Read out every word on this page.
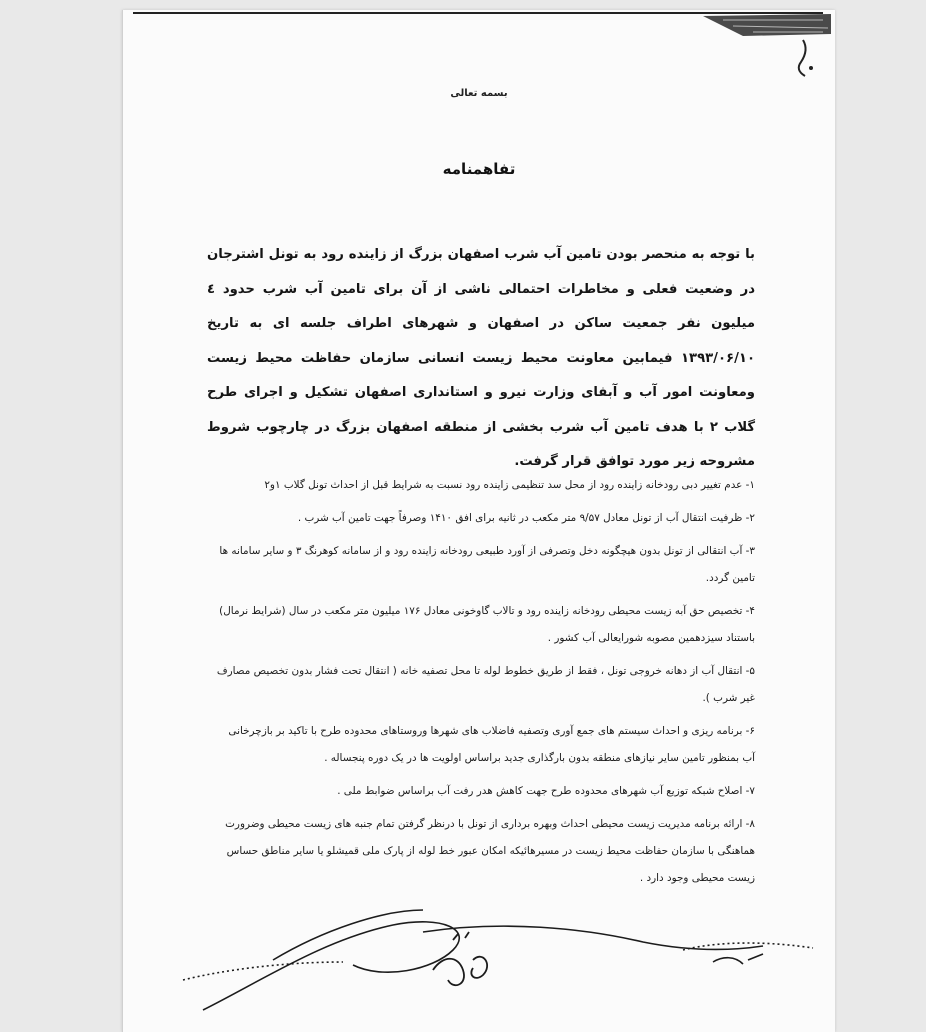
بسمه تعالی
تفاهمنامه
با توجه به منحصر بودن تامین آب شرب اصفهان بزرگ از زاینده رود به تونل اشترجان در وضعیت فعلی و مخاطرات احتمالی ناشی از آن برای تامین آب شرب حدود ٤ میلیون نفر جمعیت ساکن در اصفهان و شهرهای اطراف جلسه ای به تاریخ ۱۳۹۳/۰۶/۱۰ فیمابین معاونت محیط زیست انسانی سازمان حفاظت محیط زیست ومعاونت امور آب و آبفای وزارت نیرو و استانداری اصفهان تشکیل و اجرای طرح گلاب ۲ با هدف تامین آب شرب بخشی از منطقه اصفهان بزرگ در چارچوب شروط مشروحه زیر مورد توافق قرار گرفت.
۱- عدم تغییر دبی رودخانه زاینده رود از محل سد تنظیمی زاینده رود نسبت به شرایط قبل از احداث تونل گلاب ۱و۲
۲- ظرفیت انتقال آب از تونل معادل ۹/۵۷ متر مکعب در ثانیه برای افق ۱۴۱۰ وصرفاً جهت تامین آب شرب .
۳- آب انتقالی از تونل بدون هیچگونه دخل وتصرفی از آورد طبیعی رودخانه زاینده رود و از سامانه کوهرنگ ۳ و سایر سامانه ها تامین گردد.
۴- تخصیص حق آبه زیست محیطی رودخانه زاینده رود و تالاب گاوخونی معادل ۱۷۶ میلیون متر مکعب در سال (شرایط نرمال) باستناد سیزدهمین مصوبه شورایعالی آب کشور .
۵- انتقال آب از دهانه خروجی تونل ، فقط از طریق خطوط لوله تا محل تصفیه خانه ( انتقال تحت فشار بدون تخصیص مصارف غیر شرب ).
۶- برنامه ریزی و احداث سیستم های جمع آوری وتصفیه فاضلاب های شهرها وروستاهای محدوده طرح با تاکید بر بازچرخانی آب بمنظور تامین سایر نیازهای منطقه بدون بارگذاری جدید براساس اولویت ها در یک دوره پنجساله .
۷- اصلاح شبکه توزیع آب شهرهای محدوده طرح جهت کاهش هدر رفت آب براساس ضوابط ملی .
۸- ارائه برنامه مدیریت زیست محیطی احداث وبهره برداری از تونل با درنظر گرفتن تمام جنبه های زیست محیطی وضرورت هماهنگی با سازمان حفاظت محیط زیست در مسیرهائیکه امکان عبور خط لوله از پارک ملی قمیشلو یا سایر مناطق حساس زیست محیطی وجود دارد .
